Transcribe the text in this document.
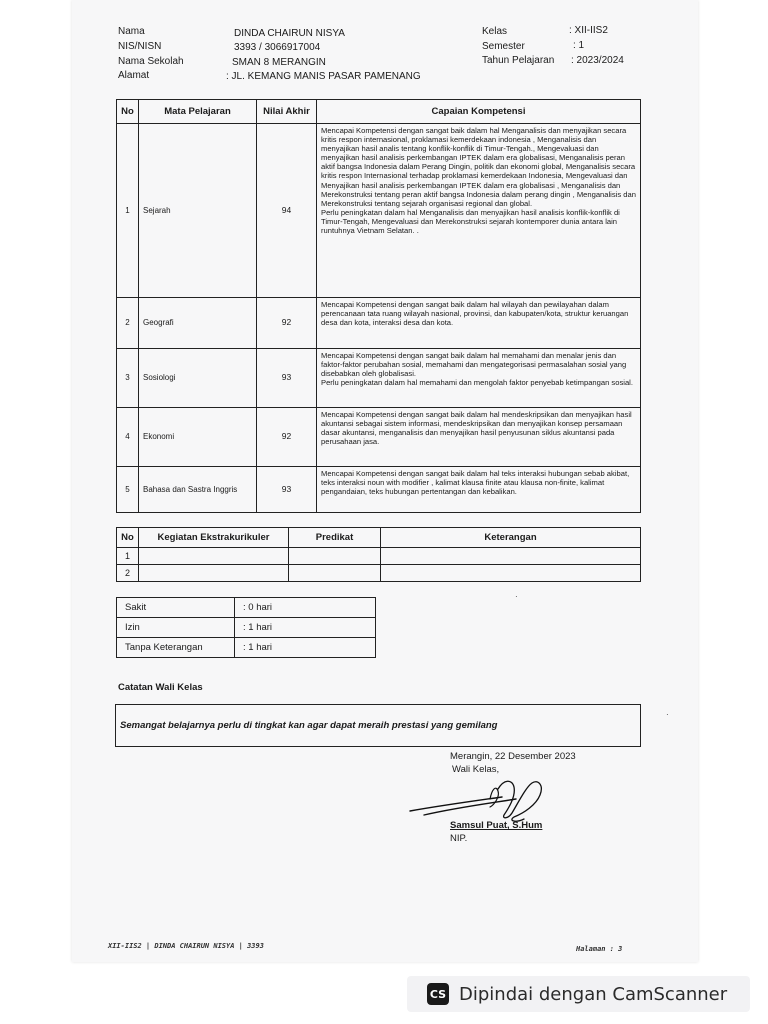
Nama	DINDA CHAIRUN NISYA
NIS/NISN	3393 / 3066917004
Nama Sekolah	SMAN 8 MERANGIN
Alamat	: JL. KEMANG MANIS PASAR PAMENANG
Kelas	: XII-IIS2
Semester	: 1
Tahun Pelajaran : 2023/2024
No	Mata Pelajaran	Nilai Akhir	Capaian Kompetensi
1	Sejarah	94	Mencapai Kompetensi dengan sangat baik dalam hal Menganalisis dan menyajikan secara kritis respon internasional, proklamasi kemerdekaan indonesia , Menganalisis dan menyajikan hasil analis tentang konflik-konflik di Timur-Tengah., Mengevaluasi dan menyajikan hasil analisis perkembangan IPTEK dalam era globalisasi, Menganalisis peran aktif bangsa Indonesia dalam Perang Dingin, politik dan ekonomi global, Menganalisis secara kritis respon Internasional terhadap proklamasi kemerdekaan Indonesia, Mengevaluasi dan Menyajikan hasil analisis perkembangan IPTEK dalam era globalisasi , Menganalisis dan Merekonstruksi tentang peran aktif bangsa Indonesia dalam perang dingin , Menganalisis dan Merekonstruksi tentang sejarah organisasi regional dan global.
Perlu peningkatan dalam hal Menganalisis dan menyajikan hasil analisis konflik-konflik di Timur-Tengah, Mengevaluasi dan Merekonstruksi sejarah kontemporer dunia antara lain runtuhnya Vietnam Selatan. .

2	Geografi	92	Mencapai Kompetensi dengan sangat baik dalam hal wilayah dan pewilayahan dalam perencanaan tata ruang wilayah nasional, provinsi, dan kabupaten/kota, struktur keruangan desa dan kota, interaksi desa dan kota.

3	Sosiologi	93	Mencapai Kompetensi dengan sangat baik dalam hal memahami dan menalar jenis dan faktor-faktor perubahan sosial, memahami dan mengategorisasi permasalahan sosial yang disebabkan oleh globalisasi.
Perlu peningkatan dalam hal memahami dan mengolah faktor penyebab ketimpangan sosial.

4	Ekonomi	92	Mencapai Kompetensi dengan sangat baik dalam hal mendeskripsikan dan menyajikan hasil akuntansi sebagai sistem informasi, mendeskripsikan dan menyajikan konsep persamaan dasar akuntansi, menganalisis dan menyajikan hasil penyusunan siklus akuntansi pada perusahaan jasa.

5	Bahasa dan Sastra Inggris	93	Mencapai Kompetensi dengan sangat baik dalam hal teks interaksi hubungan sebab akibat, teks interaksi noun with modifier , kalimat klausa finite atau klausa non-finite, kalimat pengandaian, teks hubungan pertentangan dan kebalikan.
No	Kegiatan Ekstrakurikuler	Predikat	Keterangan
1			
2			
Sakit	: 0 hari
Izin	: 1 hari
Tanpa Keterangan	: 1 hari
Catatan Wali Kelas
Semangat belajarnya perlu di tingkat kan agar dapat meraih prestasi yang gemilang
·
·
Merangin, 22 Desember 2023
Wali Kelas,
Samsul Puat, S.Hum
NIP.
XII-IIS2 | DINDA CHAIRUN NISYA | 3393	Halaman : 3
CS Dipindai dengan CamScanner
